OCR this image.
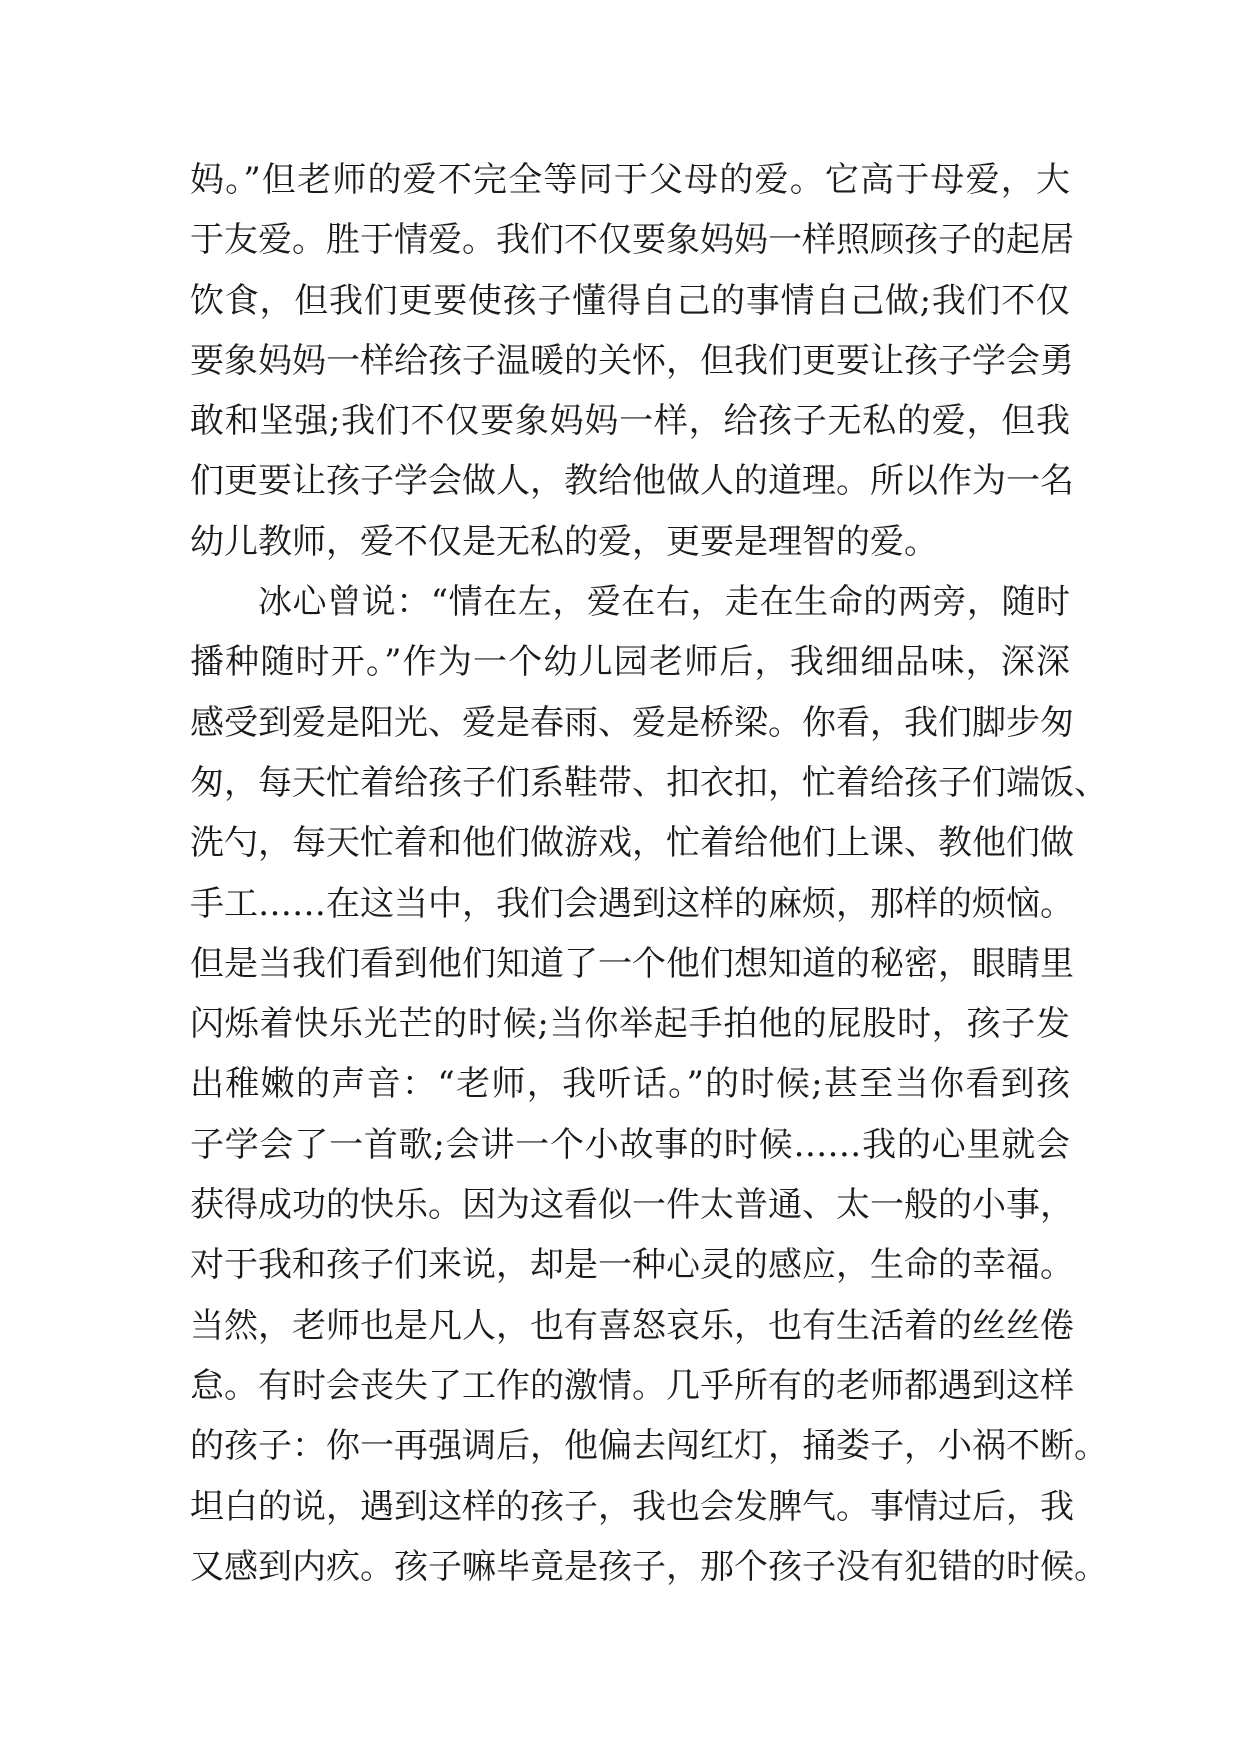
妈。”但老师的爱不完全等同于父母的爱。它高于母爱，大
于友爱。胜于情爱。我们不仅要象妈妈一样照顾孩子的起居
饮食，但我们更要使孩子懂得自己的事情自己做;我们不仅
要象妈妈一样给孩子温暖的关怀，但我们更要让孩子学会勇
敢和坚强;我们不仅要象妈妈一样，给孩子无私的爱，但我
们更要让孩子学会做人，教给他做人的道理。所以作为一名
幼儿教师，爱不仅是无私的爱，更要是理智的爱。
冰心曾说：“情在左，爱在右，走在生命的两旁，随时
播种随时开。”作为一个幼儿园老师后，我细细品味，深深
感受到爱是阳光、爱是春雨、爱是桥梁。你看，我们脚步匆
匆，每天忙着给孩子们系鞋带、扣衣扣，忙着给孩子们端饭、
洗勺，每天忙着和他们做游戏，忙着给他们上课、教他们做
手工……在这当中，我们会遇到这样的麻烦，那样的烦恼。
但是当我们看到他们知道了一个他们想知道的秘密，眼睛里
闪烁着快乐光芒的时候;当你举起手拍他的屁股时，孩子发
出稚嫩的声音：“老师，我听话。”的时候;甚至当你看到孩
子学会了一首歌;会讲一个小故事的时候……我的心里就会
获得成功的快乐。因为这看似一件太普通、太一般的小事，
对于我和孩子们来说，却是一种心灵的感应，生命的幸福。
当然，老师也是凡人，也有喜怒哀乐，也有生活着的丝丝倦
怠。有时会丧失了工作的激情。几乎所有的老师都遇到这样
的孩子：你一再强调后，他偏去闯红灯，捅娄子，小祸不断。
坦白的说，遇到这样的孩子，我也会发脾气。事情过后，我
又感到内疚。孩子嘛毕竟是孩子，那个孩子没有犯错的时候。
